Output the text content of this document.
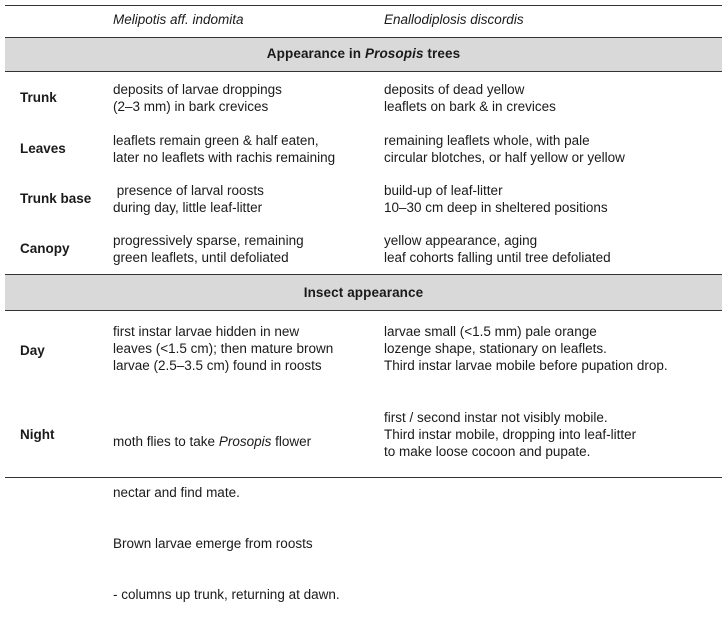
Melipotis aff. indomita	Enallodiplosis discordis
Appearance in Prosopis trees
Trunk
deposits of larvae droppings
(2–3 mm) in bark crevices
deposits of dead yellow
leaflets on bark & in crevices
Leaves
leaflets remain green & half eaten,
later no leaflets with rachis remaining
remaining leaflets whole, with pale
circular blotches, or half yellow or yellow
Trunk base
presence of larval roosts
during day, little leaf-litter
build-up of leaf-litter
10–30 cm deep in sheltered positions
Canopy
progressively sparse, remaining
green leaflets, until defoliated
yellow appearance, aging
leaf cohorts falling until tree defoliated
Insect appearance
Day
first instar larvae hidden in new
leaves (<1.5 cm); then mature brown
larvae (2.5–3.5 cm) found in roosts
larvae small (<1.5 mm) pale orange
lozenge shape, stationary on leaflets.
Third instar larvae mobile before pupation drop.
Night

	moth flies to take Prosopis flower

nectar and find mate.

Brown larvae emerge from roosts

- columns up trunk, returning at dawn.

first / second instar not visibly mobile.
Third instar mobile, dropping into leaf-litter
to make loose cocoon and pupate.
